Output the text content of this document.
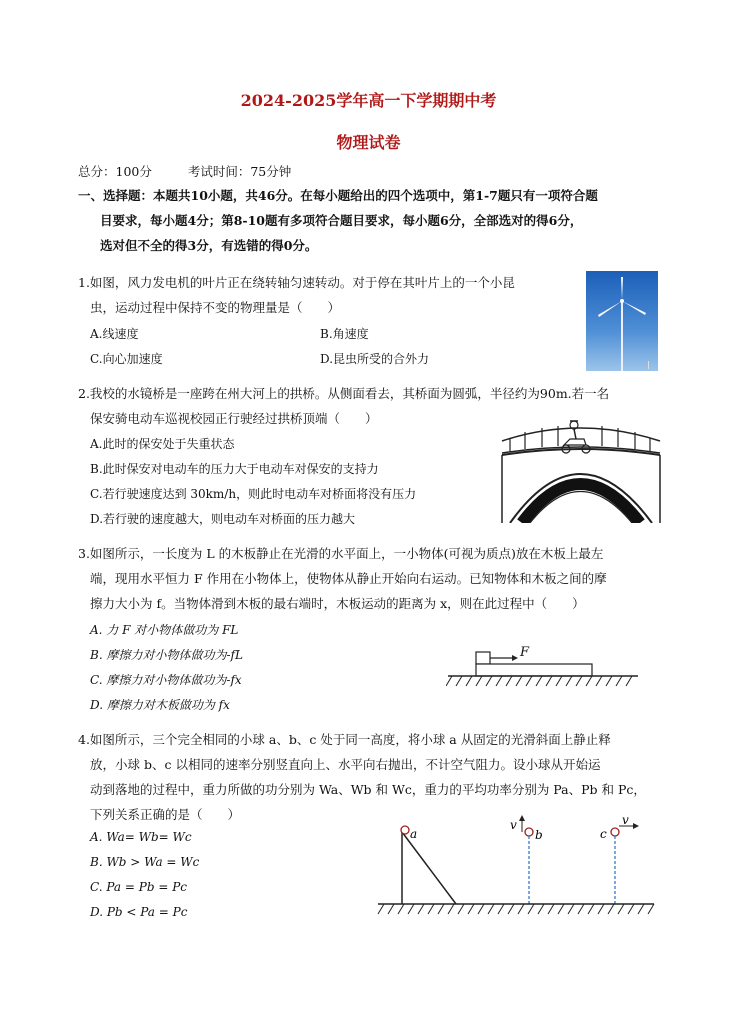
2024-2025学年高一下学期期中考
物理试卷
总分：100分	考试时间：75分钟
一、选择题：本题共10小题，共46分。在每小题给出的四个选项中，第1-7题只有一项符合题
目要求，每小题4分；第8-10题有多项符合题目要求，每小题6分，全部选对的得6分，
选对但不全的得3分，有选错的得0分。
1.如图，风力发电机的叶片正在绕转轴匀速转动。对于停在其叶片上的一个小昆
虫，运动过程中保持不变的物理量是（　　）
A.线速度	B.角速度
C.向心加速度	D.昆虫所受的合外力
2.我校的水镜桥是一座跨在州大河上的拱桥。从侧面看去，其桥面为圆弧，半径约为90m.若一名
保安骑电动车巡视校园正行驶经过拱桥顶端（　　）
A.此时的保安处于失重状态
B.此时保安对电动车的压力大于电动车对保安的支持力
C.若行驶速度达到 30km/h，则此时电动车对桥面将没有压力
D.若行驶的速度越大，则电动车对桥面的压力越大
3.如图所示，一长度为 L 的木板静止在光滑的水平面上，一小物体(可视为质点)放在木板上最左
端，现用水平恒力 F 作用在小物体上，使物体从静止开始向右运动。已知物体和木板之间的摩
擦力大小为 f。当物体滑到木板的最右端时，木板运动的距离为 x，则在此过程中（　　）
A. 力 F 对小物体做功为 FL
B. 摩擦力对小物体做功为-fL
C. 摩擦力对小物体做功为-fx
D. 摩擦力对木板做功为 fx
F
4.如图所示，三个完全相同的小球 a、b、c 处于同一高度，将小球 a 从固定的光滑斜面上静止释
放，小球 b、c 以相同的速率分别竖直向上、水平向右抛出，不计空气阻力。设小球从开始运
动到落地的过程中，重力所做的功分别为 Wa、Wb 和 Wc，重力的平均功率分别为 Pa、Pb 和 Pc，
下列关系正确的是（　　）
A. Wa= Wb= Wc
B. Wb > Wa = Wc
C. Pa = Pb = Pc
D. Pb < Pa = Pc
a
v
b	c
v
